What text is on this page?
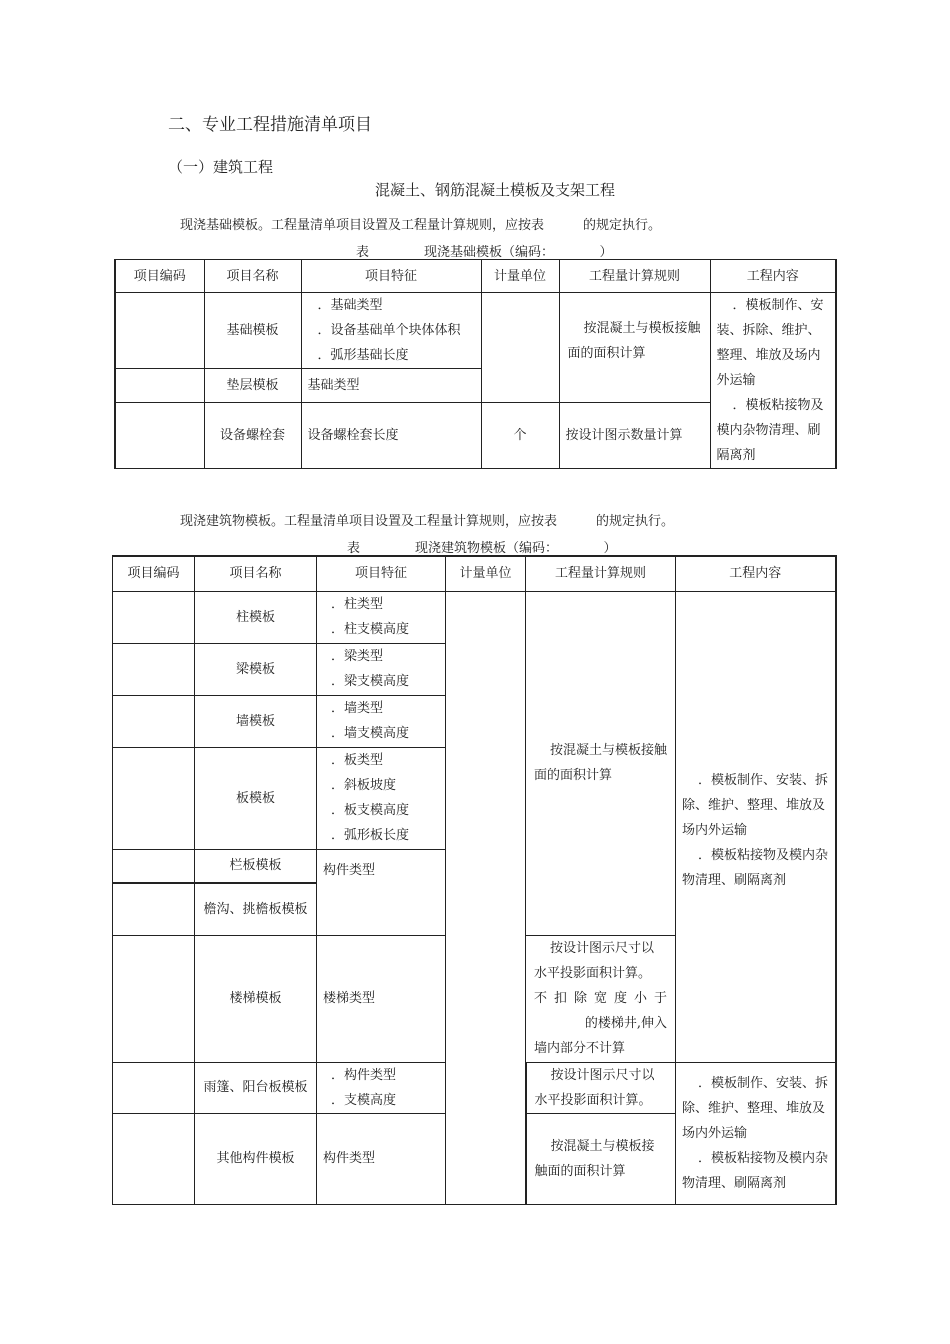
二、专业工程措施清单项目
（一）建筑工程
混凝土、钢筋混凝土模板及支架工程
现浇基础模板。工程量清单项目设置及工程量计算规则，应按表　　　的规定执行。
表	现浇基础模板（编码：　　　　）
项目编码	项目名称	项目特征	计量单位	工程量计算规则	工程内容
	基础模板	．基础类型
．设备基础单个块体体积
．弧形基础长度		按混凝土与模板接触面的面积计算	．模板制作、安装、拆除、维护、整理、堆放及场内外运输
．模板粘接物及模内杂物清理、刷隔离剂

	垫层模板	基础类型			
	设备螺栓套	设备螺栓套长度	个	按设计图示数量计算	
现浇建筑物模板。工程量清单项目设置及工程量计算规则，应按表　　　的规定执行。
表	现浇建筑物模板（编码：　　　　）
项目编码	项目名称	项目特征	计量单位	工程量计算规则	工程内容
	柱模板	．柱类型
．柱支模高度		按混凝土与模板接触面的面积计算	．模板制作、安装、拆除、维护、整理、堆放及场内外运输
．模板粘接物及模内杂物清理、刷隔离剂

	梁模板	．梁类型
．梁支模高度			

	墙模板	．墙类型
．墙支模高度			

	板模板	．板类型
．斜板坡度
．板支模高度
．弧形板长度			

	栏板模板	构件类型			
	檐沟、挑檐板模板				
	楼梯模板	楼梯类型		按设计图示尺寸以
水平投影面积计算。
不 扣 除 宽 度 小 于
的楼梯井,伸入
墙内部分不计算	

	雨篷、阳台板模板	．构件类型
．支模高度		按设计图示尺寸以
水平投影面积计算。	．模板制作、安装、拆除、维护、整理、堆放及场内外运输
．模板粘接物及模内杂物清理、刷隔离剂

	其他构件模板	构件类型		按混凝土与模板接触面的面积计算	
